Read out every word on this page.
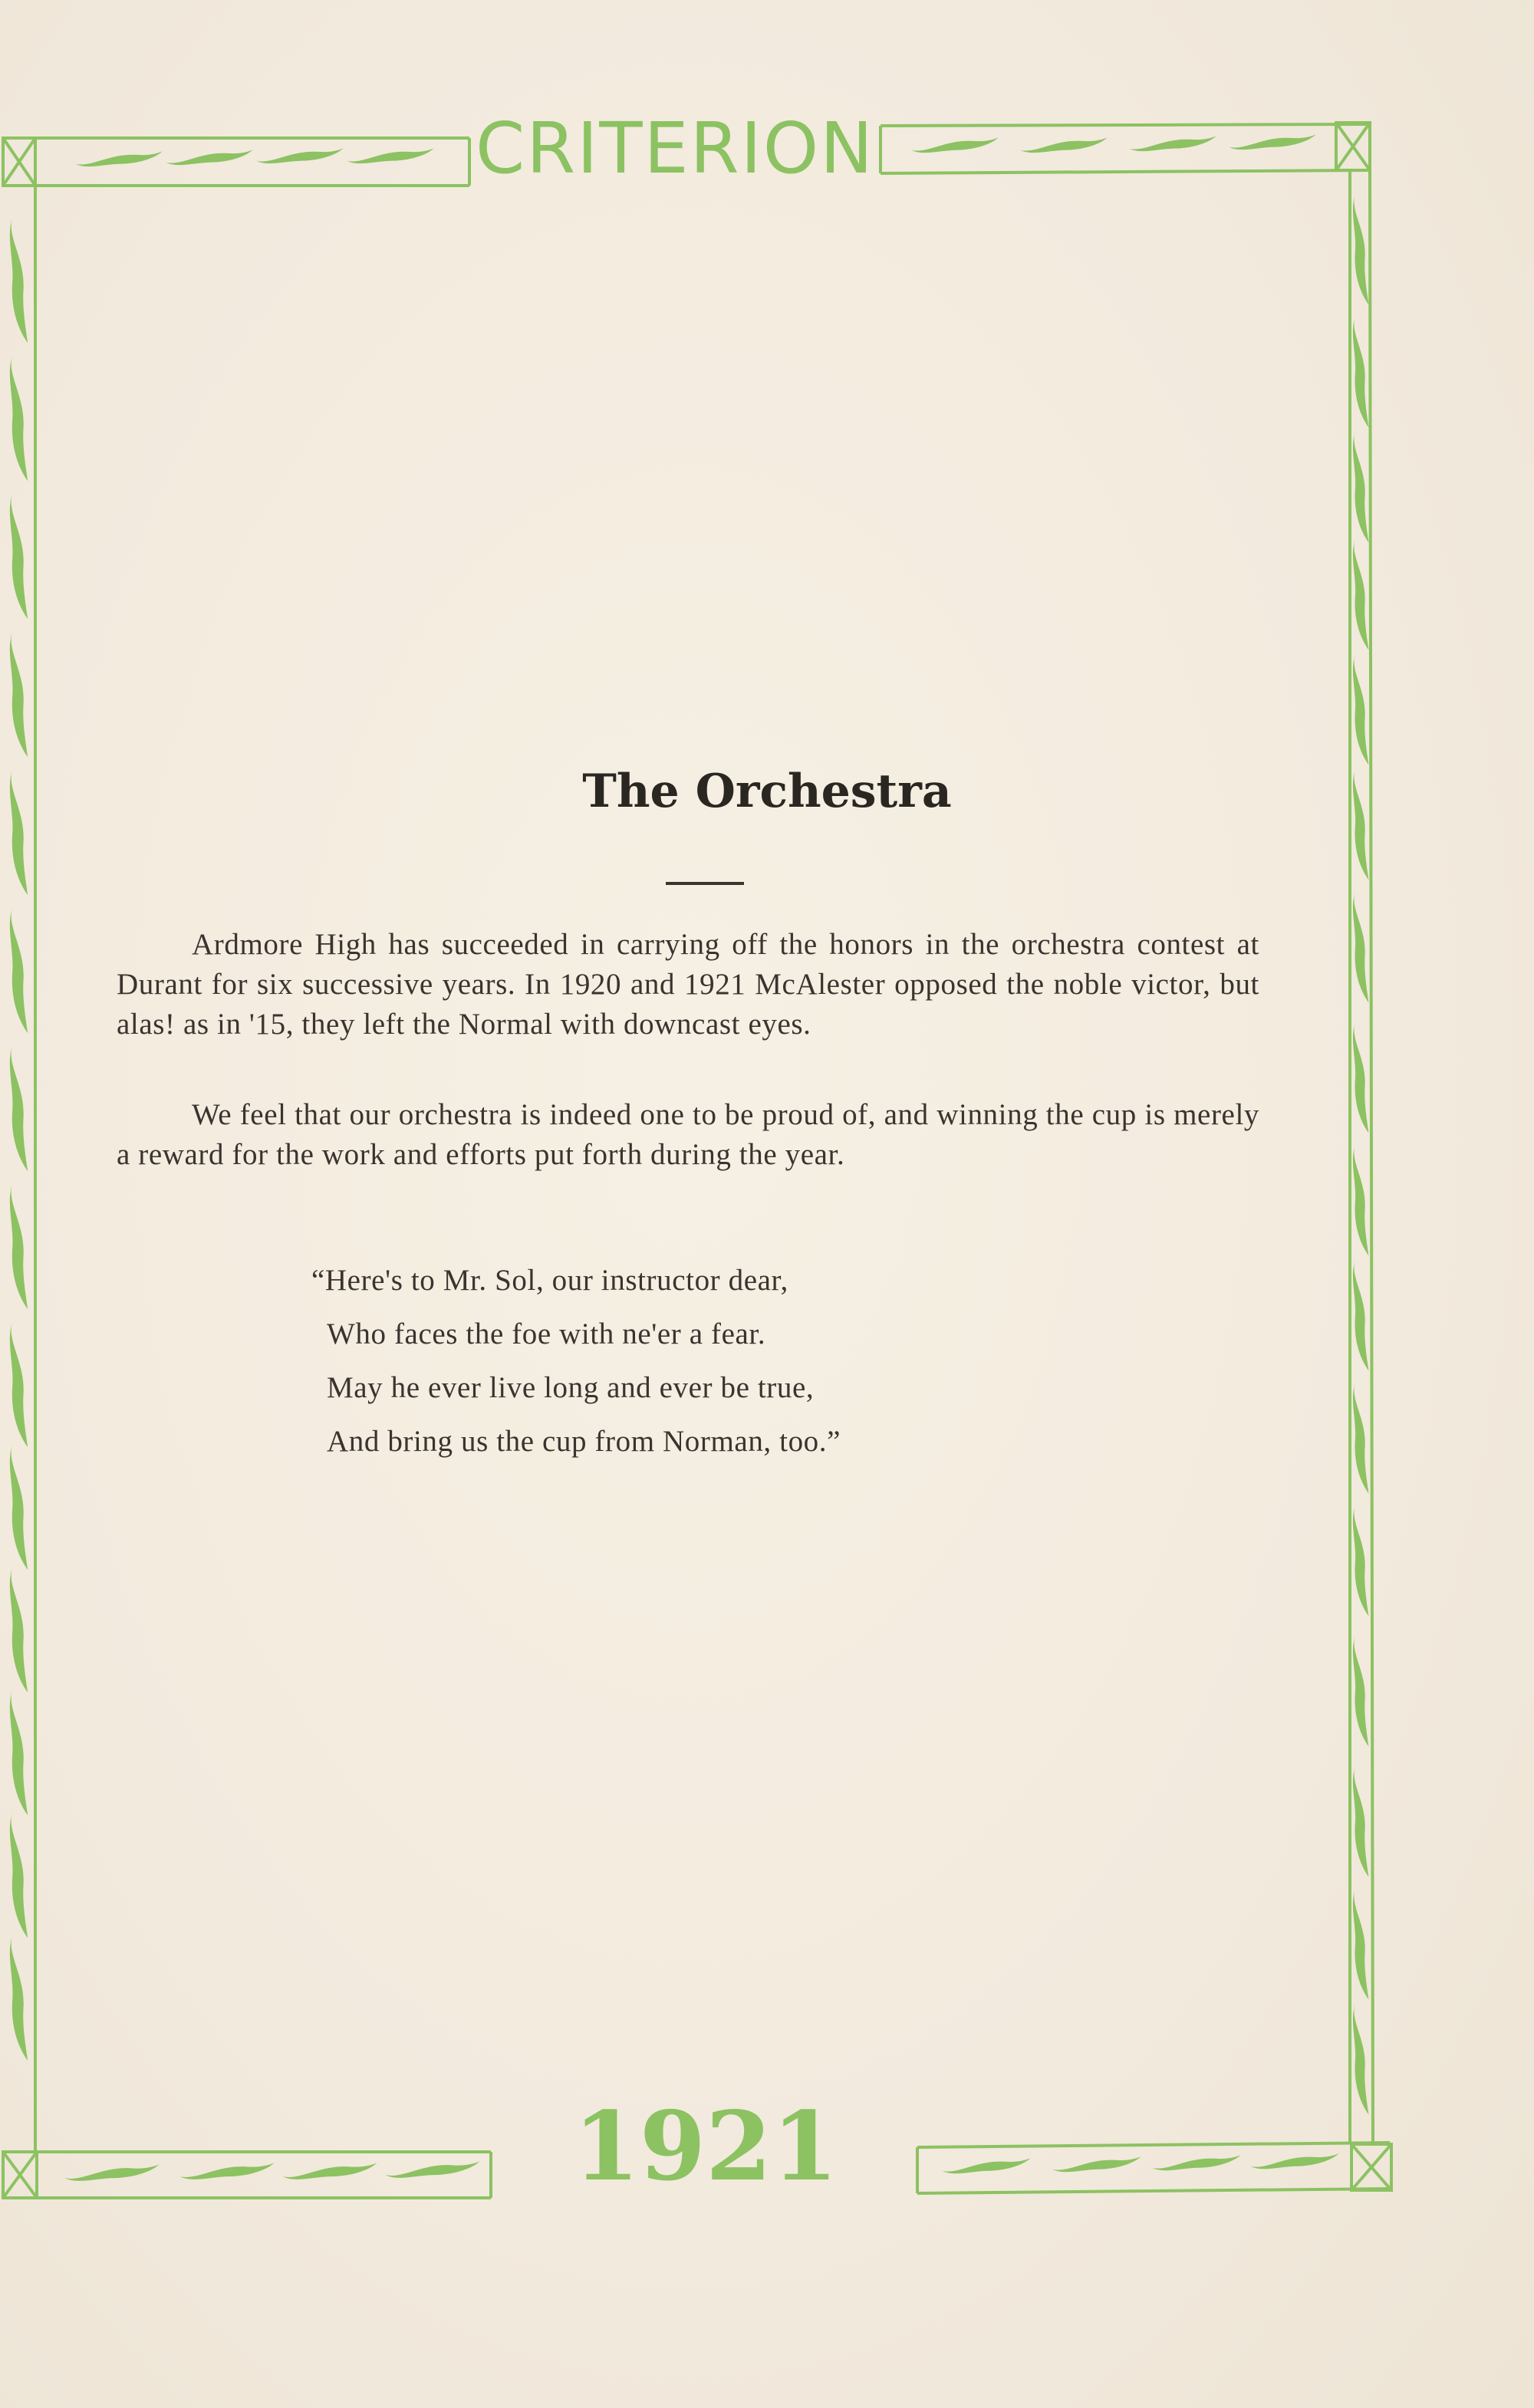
CRITERION
The Orchestra
Ardmore High has succeeded in carrying off the honors in the orchestra contest at Durant for six successive years. In 1920 and 1921 McAlester opposed the noble victor, but alas! as in '15, they left the Normal with downcast eyes.
We feel that our orchestra is indeed one to be proud of, and winning the cup is merely a reward for the work and efforts put forth during the year.
“Here's to Mr. Sol, our instructor dear,
Who faces the foe with ne'er a fear.
May he ever live long and ever be true,
And bring us the cup from Norman, too.”
1921
